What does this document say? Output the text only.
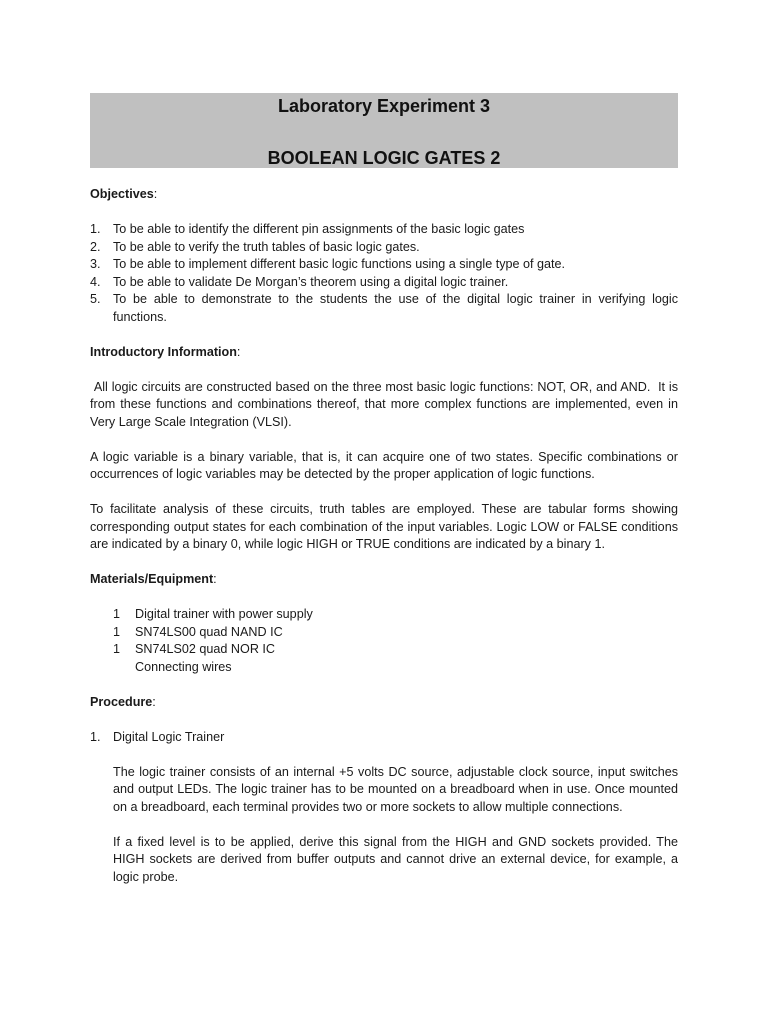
Laboratory Experiment 3
BOOLEAN LOGIC GATES 2

Objectives:

1. To be able to identify the different pin assignments of the basic logic gates
2. To be able to verify the truth tables of basic logic gates.
3. To be able to implement different basic logic functions using a single type of gate.
4. To be able to validate De Morgan’s theorem using a digital logic trainer.
5. To be able to demonstrate to the students the use of the digital logic trainer in verifying logic functions.

Introductory Information:

All logic circuits are constructed based on the three most basic logic functions: NOT, OR, and AND.  It is from these functions and combinations thereof, that more complex functions are implemented, even in Very Large Scale Integration (VLSI).

A logic variable is a binary variable, that is, it can acquire one of two states. Specific combinations or occurrences of logic variables may be detected by the proper application of logic functions.

To facilitate analysis of these circuits, truth tables are employed. These are tabular forms showing corresponding output states for each combination of the input variables. Logic LOW or FALSE conditions are indicated by a binary 0, while logic HIGH or TRUE conditions are indicated by a binary 1.

Materials/Equipment:

1 Digital trainer with power supply
1 SN74LS00 quad NAND IC
1 SN74LS02 quad NOR IC
Connecting wires

Procedure:

1. Digital Logic Trainer

The logic trainer consists of an internal +5 volts DC source, adjustable clock source, input switches and output LEDs. The logic trainer has to be mounted on a breadboard when in use. Once mounted on a breadboard, each terminal provides two or more sockets to allow multiple connections.

If a fixed level is to be applied, derive this signal from the HIGH and GND sockets provided. The HIGH sockets are derived from buffer outputs and cannot drive an external device, for example, a logic probe.
